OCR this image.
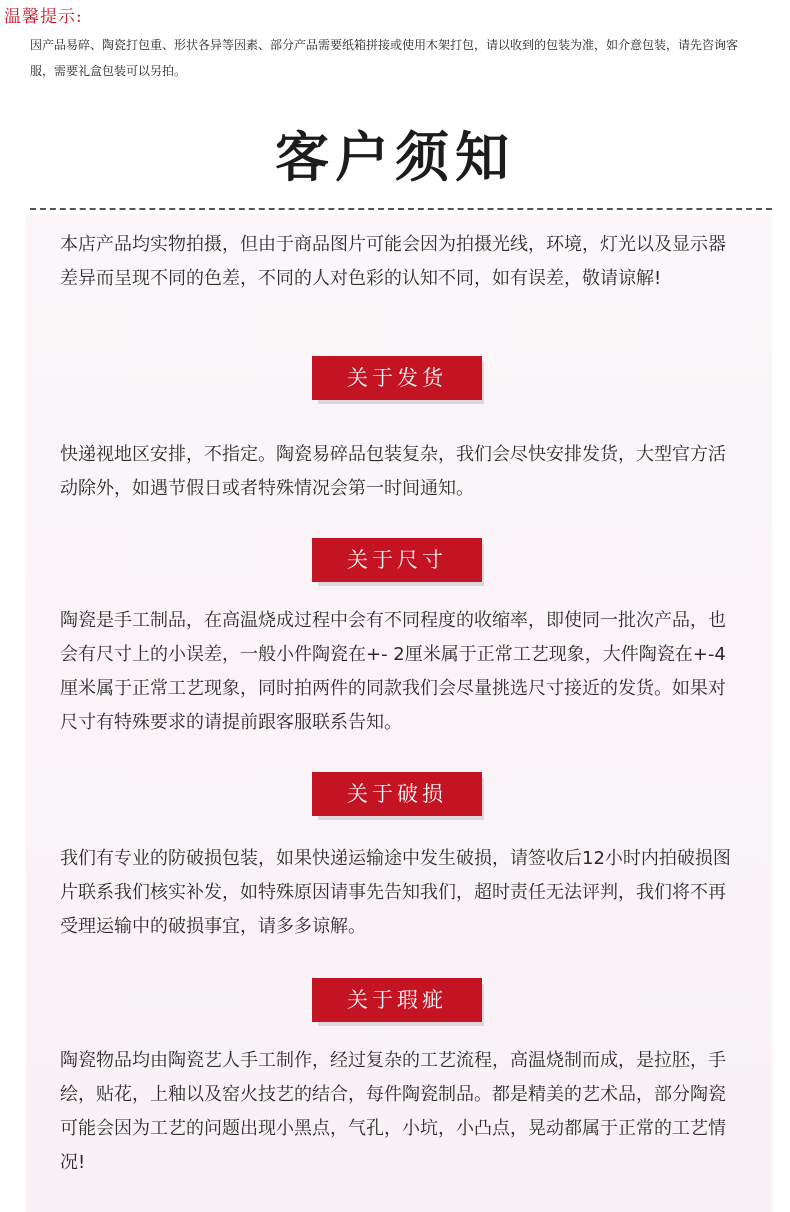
温馨提示:
因产品易碎、陶瓷打包重、形状各异等因素、部分产品需要纸箱拼接或使用木架打包，请以收到的包装为准，如介意包装，请先咨询客服，需要礼盒包装可以另拍。
客户须知
本店产品均实物拍摄，但由于商品图片可能会因为拍摄光线，环境，灯光以及显示器差异而呈现不同的色差，不同的人对色彩的认知不同，如有误差，敬请谅解!
关于发货
快递视地区安排，不指定。陶瓷易碎品包装复杂，我们会尽快安排发货，大型官方活动除外，如遇节假日或者特殊情况会第一时间通知。
关于尺寸
陶瓷是手工制品，在高温烧成过程中会有不同程度的收缩率，即使同一批次产品，也会有尺寸上的小误差，一般小件陶瓷在+- 2厘米属于正常工艺现象，大件陶瓷在+-4厘米属于正常工艺现象，同时拍两件的同款我们会尽量挑选尺寸接近的发货。如果对尺寸有特殊要求的请提前跟客服联系告知。
关于破损
我们有专业的防破损包装，如果快递运输途中发生破损，请签收后12小时内拍破损图片联系我们核实补发，如特殊原因请事先告知我们，超时责任无法评判，我们将不再受理运输中的破损事宜，请多多谅解。
关于瑕疵
陶瓷物品均由陶瓷艺人手工制作，经过复杂的工艺流程，高温烧制而成，是拉胚，手绘，贴花，上釉以及窑火技艺的结合，每件陶瓷制品。都是精美的艺术品，部分陶瓷可能会因为工艺的问题出现小黑点，气孔，小坑，小凸点，晃动都属于正常的工艺情况!
